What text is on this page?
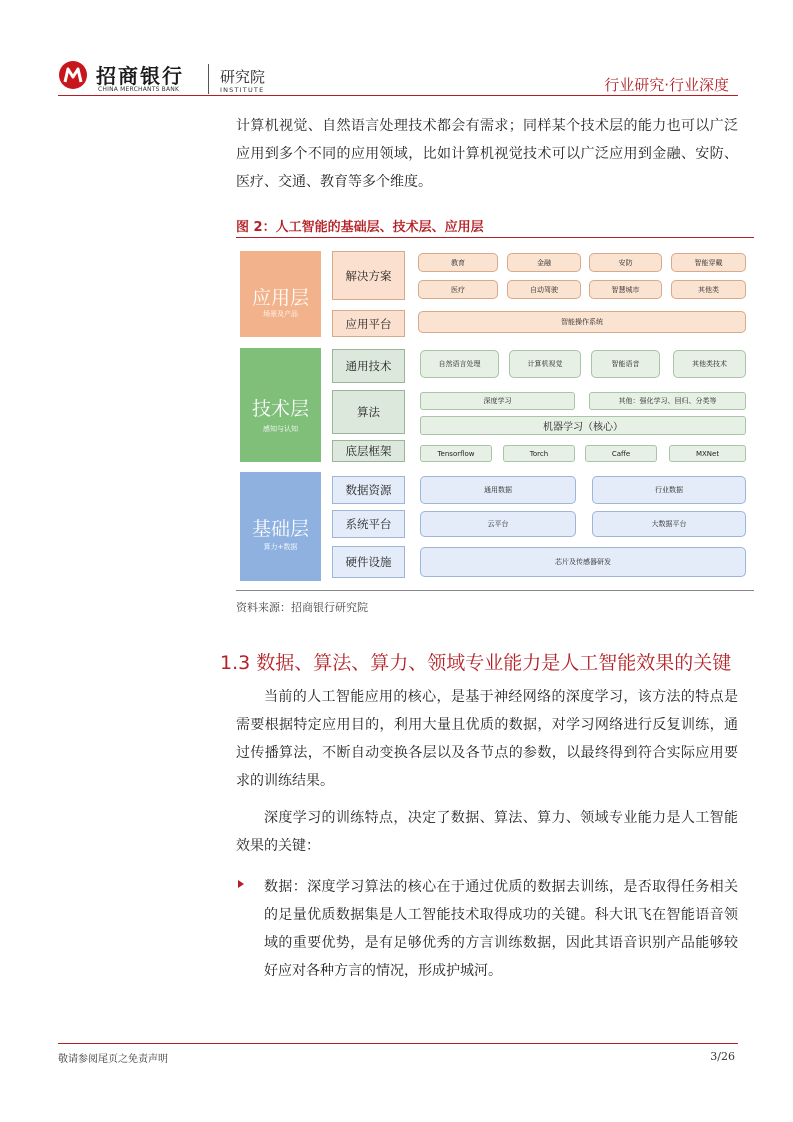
招商银行
CHINA MERCHANTS BANK
研究院
INSTITUTE	行业研究·行业深度
计算机视觉、自然语言处理技术都会有需求；同样某个技术层的能力也可以广泛应用到多个不同的应用领域，比如计算机视觉技术可以广泛应用到金融、安防、医疗、交通、教育等多个维度。
图 2：人工智能的基础层、技术层、应用层
应用层
场景及产品
解决方案
应用平台
教育	金融	安防	智能穿戴
医疗	自动驾驶	智慧城市	其他类
智能操作系统
技术层
感知与认知
通用技术
算法
底层框架
自然语言处理	计算机视觉	智能语音	其他类技术
深度学习	其他：强化学习、回归、分类等
机器学习（核心）
Tensorflow	Torch	Caffe	MXNet
基础层
算力+数据
数据资源
系统平台
硬件设施
通用数据	行业数据
云平台	大数据平台
芯片及传感器研发
资料来源：招商银行研究院
1.3 数据、算法、算力、领域专业能力是人工智能效果的关键
当前的人工智能应用的核心，是基于神经网络的深度学习，该方法的特点是需要根据特定应用目的，利用大量且优质的数据，对学习网络进行反复训练，通过传播算法，不断自动变换各层以及各节点的参数，以最终得到符合实际应用要求的训练结果。
深度学习的训练特点，决定了数据、算法、算力、领域专业能力是人工智能效果的关键：
数据：深度学习算法的核心在于通过优质的数据去训练，是否取得任务相关的足量优质数据集是人工智能技术取得成功的关键。科大讯飞在智能语音领域的重要优势，是有足够优秀的方言训练数据，因此其语音识别产品能够较好应对各种方言的情况，形成护城河。
敬请参阅尾页之免责声明	3/26
